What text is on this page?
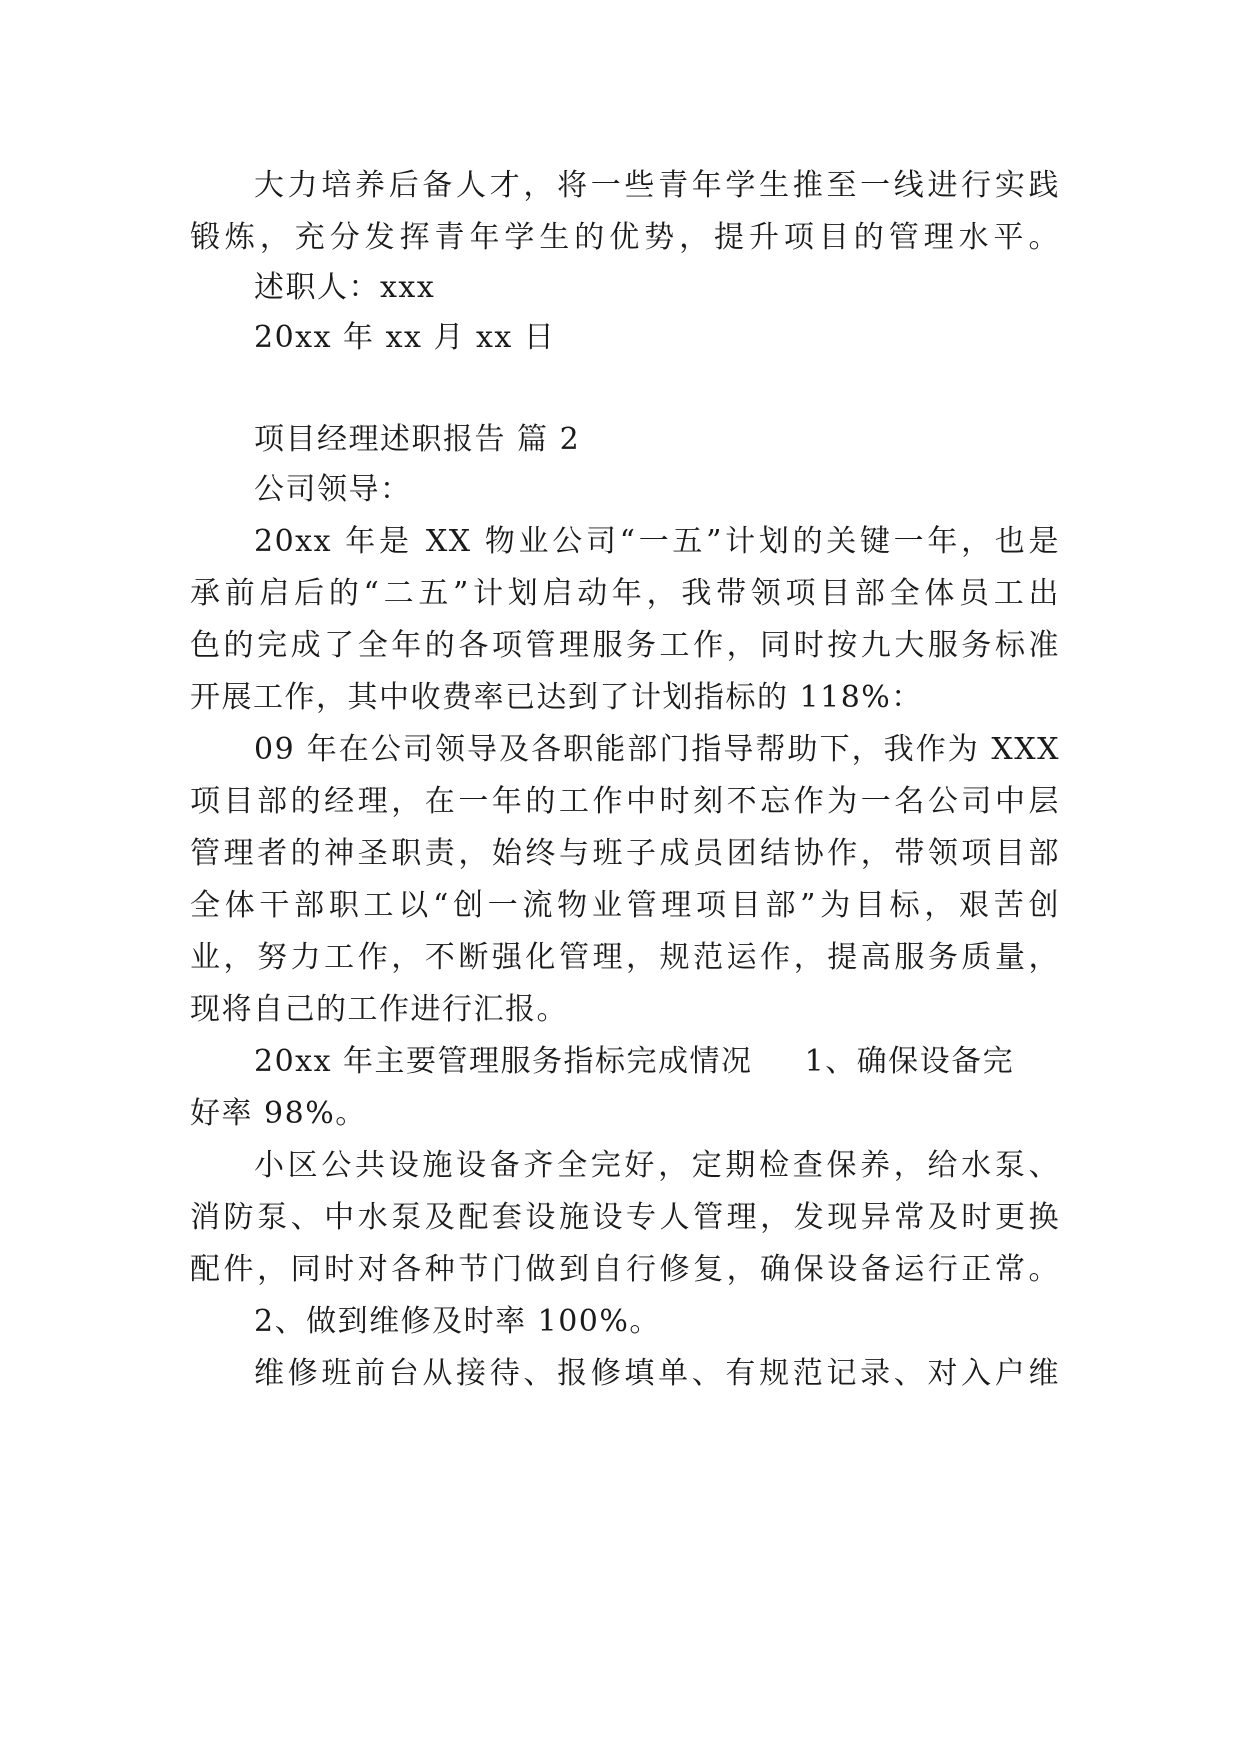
大力培养后备人才，将一些青年学生推至一线进行实践
锻炼，充分发挥青年学生的优势，提升项目的管理水平。
述职人：xxx
20xx 年 xx 月 xx 日
项目经理述职报告 篇 2
公司领导：
20xx 年是 XX 物业公司“一五”计划的关键一年，也是
承前启后的“二五”计划启动年，我带领项目部全体员工出
色的完成了全年的各项管理服务工作，同时按九大服务标准
开展工作，其中收费率已达到了计划指标的 118%：
09 年在公司领导及各职能部门指导帮助下，我作为 XXX
项目部的经理，在一年的工作中时刻不忘作为一名公司中层
管理者的神圣职责，始终与班子成员团结协作，带领项目部
全体干部职工以“创一流物业管理项目部”为目标，艰苦创
业，努力工作，不断强化管理，规范运作，提高服务质量，
现将自己的工作进行汇报。
20xx 年主要管理服务指标完成情况 1、确保设备完
好率 98%。
小区公共设施设备齐全完好，定期检查保养，给水泵、
消防泵、中水泵及配套设施设专人管理，发现异常及时更换
配件，同时对各种节门做到自行修复，确保设备运行正常。
2、做到维修及时率 100%。
维修班前台从接待、报修填单、有规范记录、对入户维
